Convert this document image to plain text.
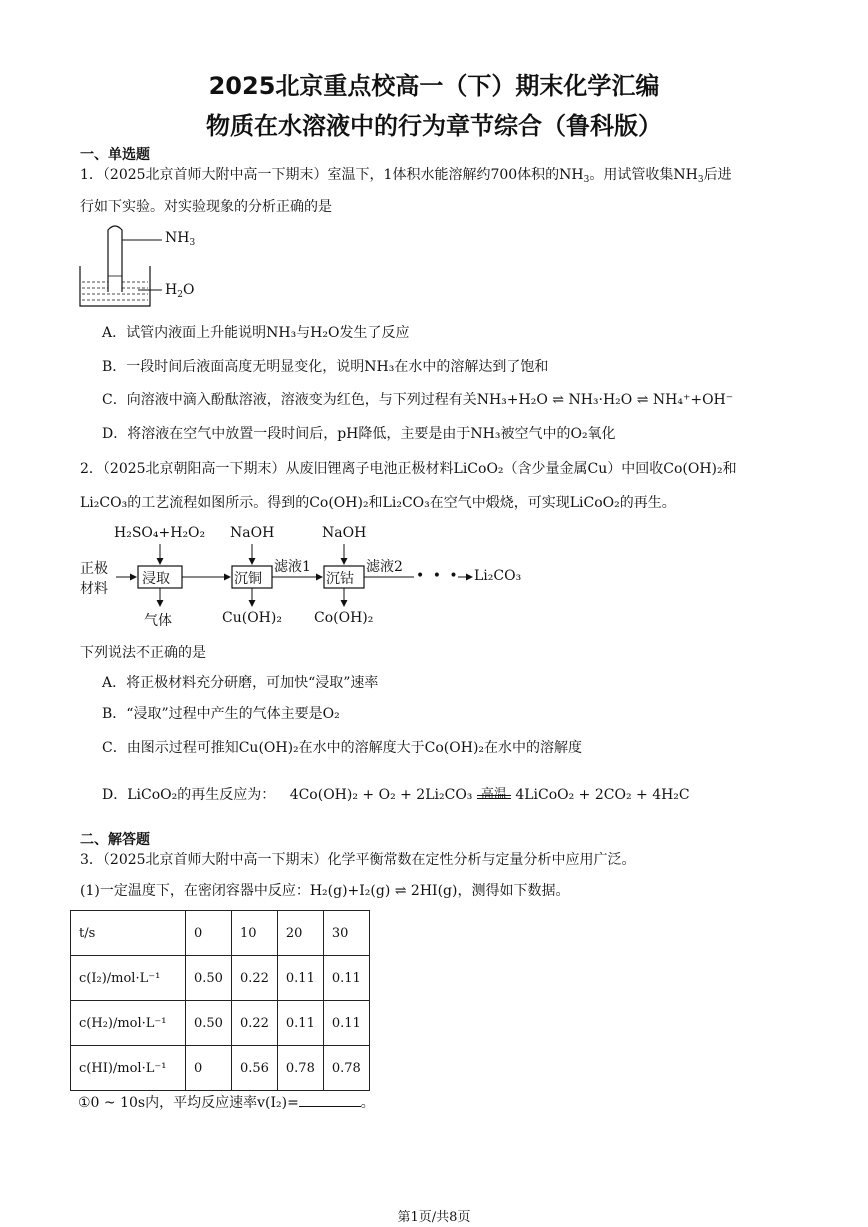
2025北京重点校高一（下）期末化学汇编
物质在水溶液中的行为章节综合（鲁科版）
一、单选题
1．（2025北京首师大附中高一下期末）室温下，1体积水能溶解约700体积的$NH_3$。用试管收集$NH_3$后进
行如下实验。对实验现象的分析正确的是
$NH_3$
$H_2O$
A．试管内液面上升能说明NH₃与H₂O发生了反应
B．一段时间后液面高度无明显变化，说明NH₃在水中的溶解达到了饱和
C．向溶液中滴入酚酞溶液，溶液变为红色，与下列过程有关NH₃+H₂O ⇌ NH₃·H₂O ⇌ NH₄⁺+OH⁻
D．将溶液在空气中放置一段时间后，pH降低，主要是由于NH₃被空气中的O₂氧化
2．（2025北京朝阳高一下期末）从废旧锂离子电池正极材料LiCoO₂（含少量金属Cu）中回收Co(OH)₂和
Li₂CO₃的工艺流程如图所示。得到的Co(OH)₂和Li₂CO₃在空气中煅烧，可实现LiCoO₂的再生。
H₂SO₄+H₂O₂ NaOH	NaOH
正极
材料
浸取	沉铜	沉钴
滤液1	滤液2
• • • Li₂CO₃
气体	Cu(OH)₂ Co(OH)₂
下列说法不正确的是
A．将正极材料充分研磨，可加快“浸取”速率
B．“浸取”过程中产生的气体主要是O₂
C．由图示过程可推知Cu(OH)₂在水中的溶解度大于Co(OH)₂在水中的溶解度
D．LiCoO₂的再生反应为： 4Co(OH)₂ + O₂ + 2Li₂CO₃ 高温 4LiCoO₂ + 2CO₂ + 4H₂C
二、解答题
3．（2025北京首师大附中高一下期末）化学平衡常数在定性分析与定量分析中应用广泛。
(1)一定温度下，在密闭容器中反应：H₂(g)+I₂(g) ⇌ 2HI(g)，测得如下数据。
t/s	0	10	20	30
c(I₂)/mol·L⁻¹	0.50	0.22	0.11	0.11
c(H₂)/mol·L⁻¹	0.50	0.22	0.11	0.11
c(HI)/mol·L⁻¹	0	0.56	0.78	0.78
①0 ~ 10s内，平均反应速率v(I₂)=	。
第1页/共8页
